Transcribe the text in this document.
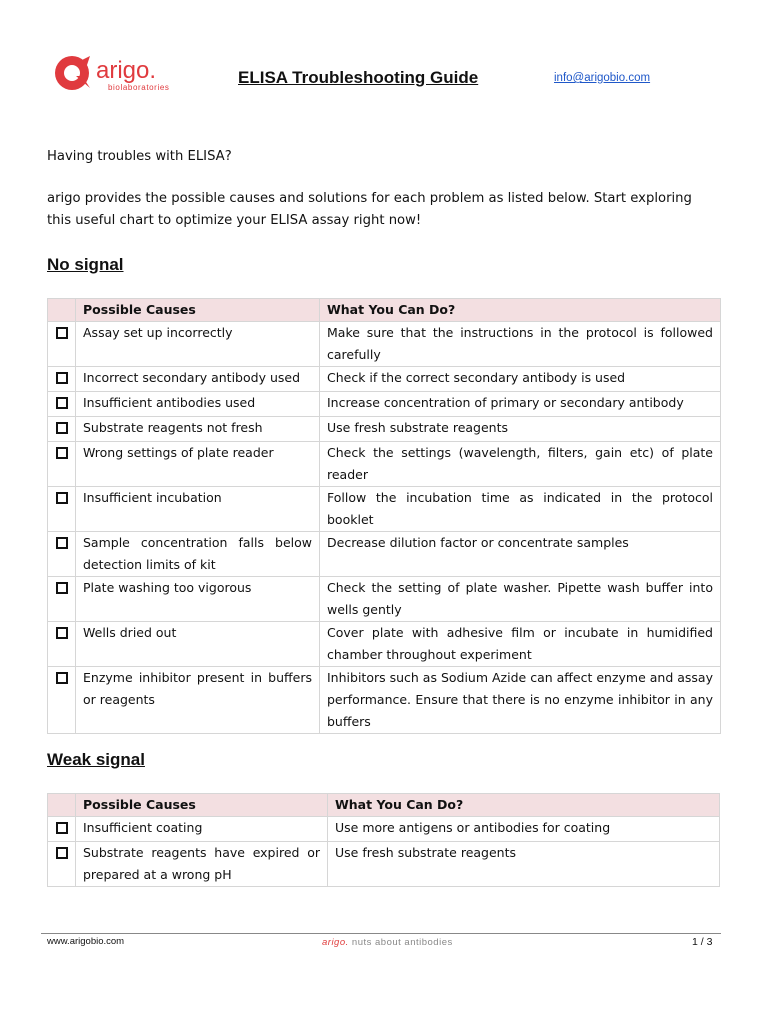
arigo.
biolaboratories
ELISA Troubleshooting Guide	info@arigobio.com
Having troubles with ELISA?
arigo provides the possible causes and solutions for each problem as listed below. Start exploring this useful chart to optimize your ELISA assay right now!
No signal
	Possible Causes	What You Can Do?
	Assay set up incorrectly	Make sure that the instructions in the protocol is followed carefully
	Incorrect secondary antibody used	Check if the correct secondary antibody is used
	Insufficient antibodies used	Increase concentration of primary or secondary antibody
	Substrate reagents not fresh	Use fresh substrate reagents
	Wrong settings of plate reader	Check the settings (wavelength, filters, gain etc) of plate reader
	Insufficient incubation	Follow the incubation time as indicated in the protocol booklet
	Sample concentration falls below detection limits of kit	Decrease dilution factor or concentrate samples
	Plate washing too vigorous	Check the setting of plate washer. Pipette wash buffer into wells gently
	Wells dried out	Cover plate with adhesive film or incubate in humidified chamber throughout experiment
	Enzyme inhibitor present in buffers or reagents	Inhibitors such as Sodium Azide can affect enzyme and assay performance. Ensure that there is no enzyme inhibitor in any buffers
Weak signal
	Possible Causes	What You Can Do?
	Insufficient coating	Use more antigens or antibodies for coating
	Substrate reagents have expired or prepared at a wrong pH	Use fresh substrate reagents
www.arigobio.com	arigo. nuts about antibodies	1 / 3
